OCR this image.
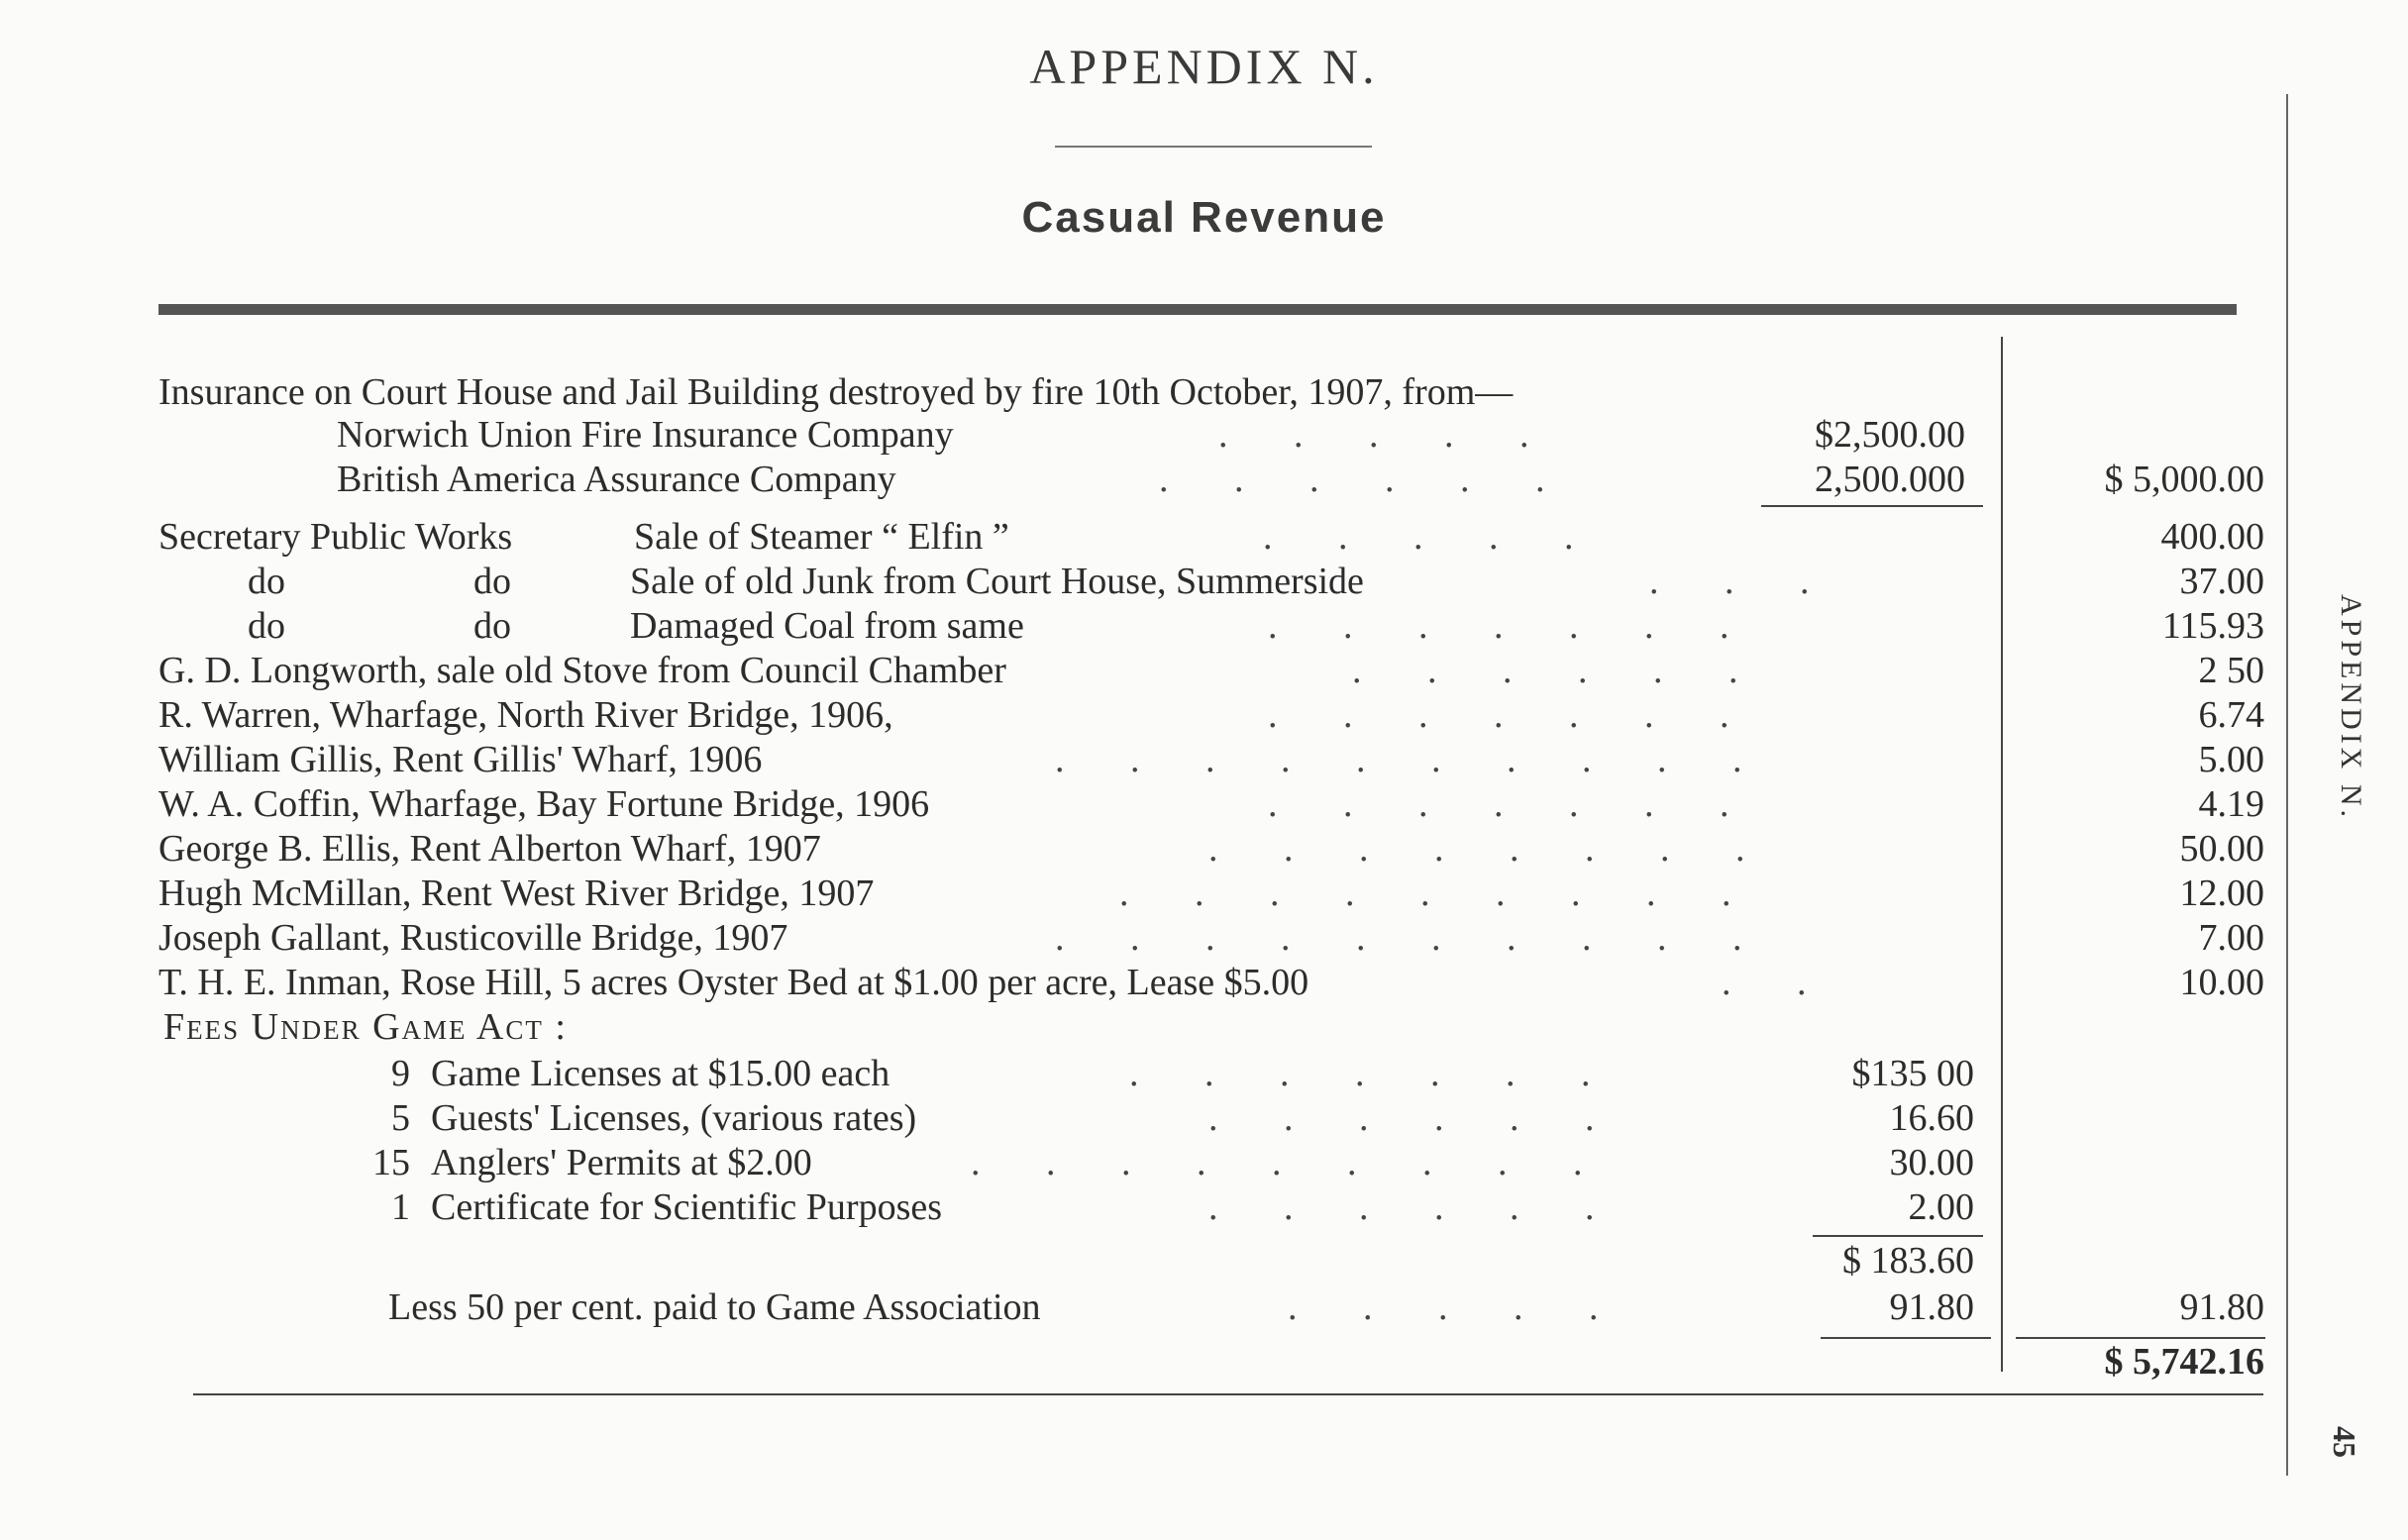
APPENDIX N.
Casual Revenue
Insurance on Court House and Jail Building destroyed by fire 10th October, 1907, from—
Norwich Union Fire Insurance Company	.       .       .       .       .	$2,500.00
British America Assurance Company	.       .       .       .       .       .	2,500.000	$ 5,000.00
Secretary Public Works	Sale of Steamer “ Elfin ”	.       .       .       .       .	400.00
do	do	Sale of old Junk from Court House, Summerside	.       .       .	37.00
do	do	Damaged Coal from same	.       .       .       .       .       .       .	115.93
G. D. Longworth, sale old Stove from Council Chamber	.       .       .       .       .       .	2 50
R. Warren, Wharfage, North River Bridge, 1906,	.       .       .       .       .       .       .	6.74
William Gillis, Rent Gillis' Wharf, 1906	.       .       .       .       .       .       .       .       .       .	5.00
W. A. Coffin, Wharfage, Bay Fortune Bridge, 1906	.       .       .       .       .       .       .	4.19
George B. Ellis, Rent Alberton Wharf, 1907	.       .       .       .       .       .       .       .	50.00
Hugh McMillan, Rent West River Bridge, 1907	.       .       .       .       .       .       .       .       .	12.00
Joseph Gallant, Rusticoville Bridge, 1907	.       .       .       .       .       .       .       .       .       .	7.00
T. H. E. Inman, Rose Hill, 5 acres Oyster Bed at $1.00 per acre, Lease $5.00	.       .	10.00
Fees Under Game Act :
9 Game Licenses at $15.00 each	.       .       .       .       .       .       .	$135 00
5 Guests' Licenses, (various rates)	.       .       .       .       .       .	16.60
15 Anglers' Permits at $2.00	.       .       .       .       .       .       .       .       .	30.00
1 Certificate for Scientific Purposes	.       .       .       .       .       .	2.00
$ 183.60
Less 50 per cent. paid to Game Association	.       .       .       .       .	91.80	91.80
$ 5,742.16
APPENDIX N.
45
